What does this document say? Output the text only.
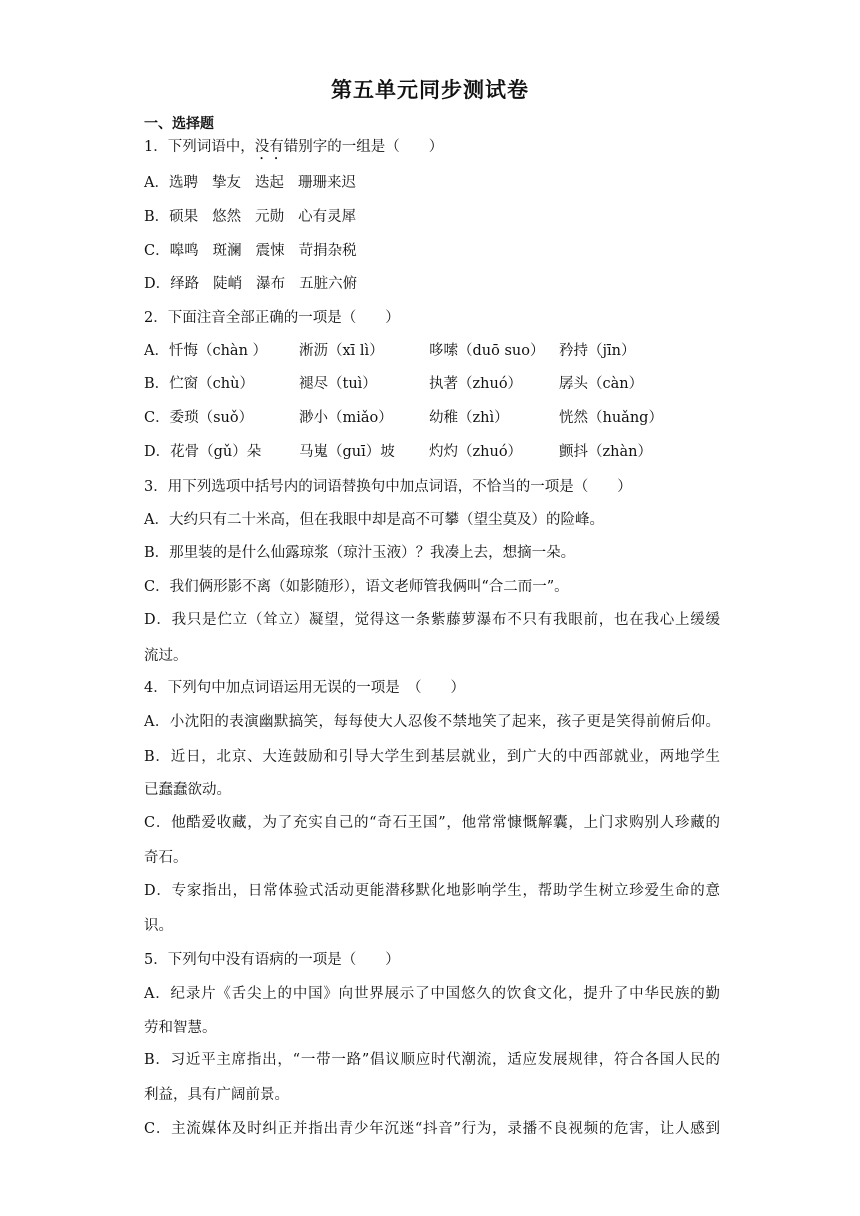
第五单元同步测试卷
一、选择题
1．下列词语中，没有错别字的一组是（　　）
A．选聘 挚友 迭起 珊珊来迟
B．硕果 悠然 元勋 心有灵犀
C．嗥鸣 斑澜 震悚 苛捐杂税
D．绎路 陡峭 瀑布 五脏六俯
2．下面注音全部正确的一项是（　　）
A．忏悔（chàn ）	淅沥（xī lì）	哆嗦（duō suo）	矜持（jīn）
B．伫窗（chù）	褪尽（tuì）	执著（zhuó）	孱头（càn）
C．委琐（suǒ）	渺小（miǎo）	幼稚（zhì）	恍然（huǎng）
D．花骨（gǔ）朵	马嵬（guī）坡	灼灼（zhuó）	颤抖（zhàn）
3．用下列选项中括号内的词语替换句中加点词语，不恰当的一项是（　　）
A．大约只有二十米高，但在我眼中却是高不可攀（望尘莫及）的险峰。
B．那里装的是什么仙露琼浆（琼汁玉液）？我凑上去，想摘一朵。
C．我们俩形影不离（如影随形），语文老师管我俩叫“合二而一”。
D．我只是伫立（耸立）凝望，觉得这一条紫藤萝瀑布不只有我眼前，也在我心上缓缓
流过。
4．下列句中加点词语运用无误的一项是　（　　）
A．小沈阳的表演幽默搞笑，每每使大人忍俊不禁地笑了起来，孩子更是笑得前俯后仰。
B．近日，北京、大连鼓励和引导大学生到基层就业，到广大的中西部就业，两地学生
已蠢蠢欲动。
C．他酷爱收藏，为了充实自己的“奇石王国”，他常常慷慨解囊，上门求购别人珍藏的
奇石。
D．专家指出，日常体验式活动更能潜移默化地影响学生，帮助学生树立珍爱生命的意
识。
5．下列句中没有语病的一项是（　　）
A．纪录片《舌尖上的中国》向世界展示了中国悠久的饮食文化，提升了中华民族的勤
劳和智慧。
B．习近平主席指出，“一带一路”倡议顺应时代潮流，适应发展规律，符合各国人民的
利益，具有广阔前景。
C．主流媒体及时纠正并指出青少年沉迷“抖音”行为，录播不良视频的危害，让人感到
